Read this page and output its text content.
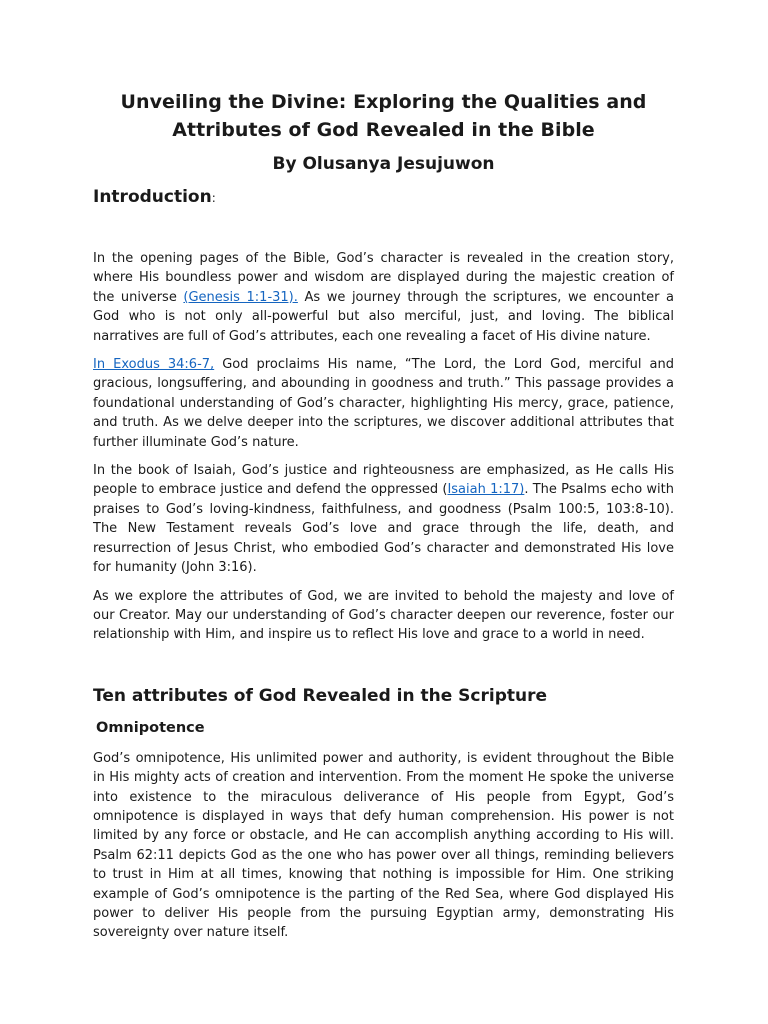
Unveiling the Divine: Exploring the Qualities and Attributes of God Revealed in the Bible
By Olusanya Jesujuwon
Introduction:

In the opening pages of the Bible, God’s character is revealed in the creation story, where His boundless power and wisdom are displayed during the majestic creation of the universe (Genesis 1:1-31). As we journey through the scriptures, we encounter a God who is not only all-powerful but also merciful, just, and loving. The biblical narratives are full of God’s attributes, each one revealing a facet of His divine nature.

In Exodus 34:6-7, God proclaims His name, “The Lord, the Lord God, merciful and gracious, longsuffering, and abounding in goodness and truth.” This passage provides a foundational understanding of God’s character, highlighting His mercy, grace, patience, and truth. As we delve deeper into the scriptures, we discover additional attributes that further illuminate God’s nature.

In the book of Isaiah, God’s justice and righteousness are emphasized, as He calls His people to embrace justice and defend the oppressed (Isaiah 1:17). The Psalms echo with praises to God’s loving-kindness, faithfulness, and goodness (Psalm 100:5, 103:8-10). The New Testament reveals God’s love and grace through the life, death, and resurrection of Jesus Christ, who embodied God’s character and demonstrated His love for humanity (John 3:16).

As we explore the attributes of God, we are invited to behold the majesty and love of our Creator. May our understanding of God’s character deepen our reverence, foster our relationship with Him, and inspire us to reflect His love and grace to a world in need.

Ten attributes of God Revealed in the Scripture
Omnipotence

God’s omnipotence, His unlimited power and authority, is evident throughout the Bible in His mighty acts of creation and intervention. From the moment He spoke the universe into existence to the miraculous deliverance of His people from Egypt, God’s omnipotence is displayed in ways that defy human comprehension. His power is not limited by any force or obstacle, and He can accomplish anything according to His will. Psalm 62:11 depicts God as the one who has power over all things, reminding believers to trust in Him at all times, knowing that nothing is impossible for Him. One striking example of God’s omnipotence is the parting of the Red Sea, where God displayed His power to deliver His people from the pursuing Egyptian army, demonstrating His sovereignty over nature itself.
